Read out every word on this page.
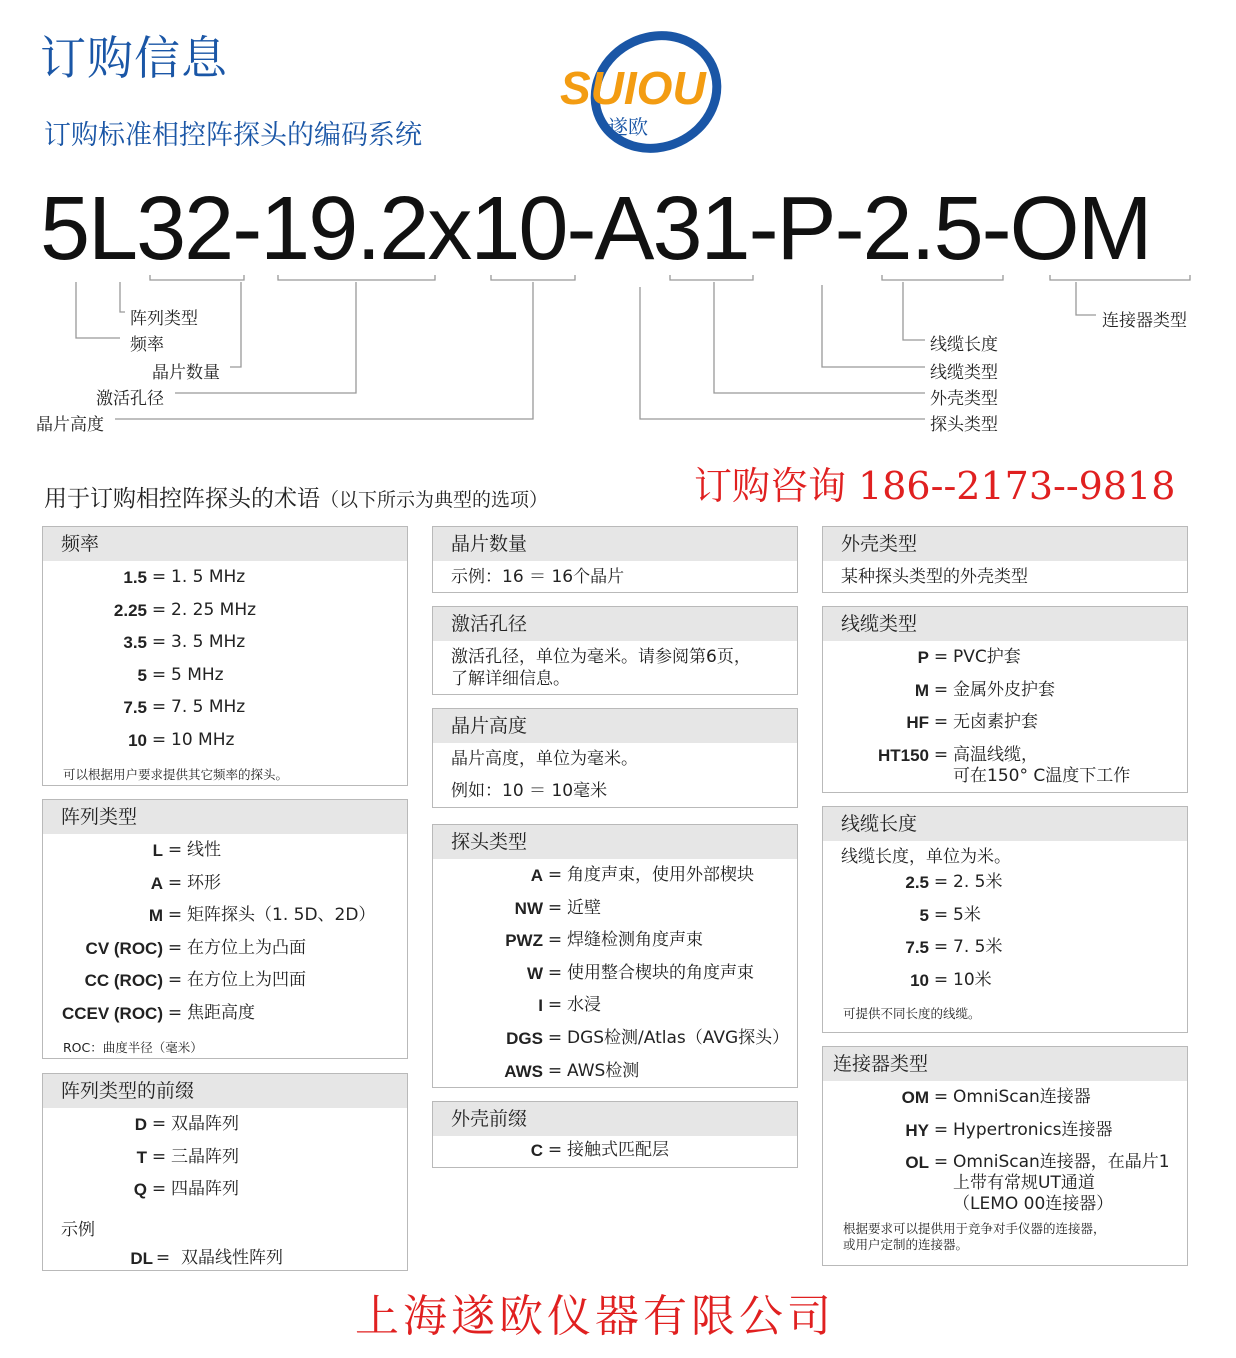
订购信息
订购标准相控阵探头的编码系统
SUIOU
遂欧
5L32-19.2x10-A31-P-2.5-OM
阵列类型
频率
晶片数量
激活孔径
晶片高度
连接器类型
线缆长度
线缆类型
外壳类型
探头类型
用于订购相控阵探头的术语（以下所示为典型的选项）	订购咨询 186--2173--9818
频率
1.5 = 1. 5 MHz
2.25 = 2. 25 MHz
3.5 = 3. 5 MHz
5 = 5 MHz
7.5 = 7. 5 MHz
10 = 10 MHz
可以根据用户要求提供其它频率的探头。
阵列类型
L = 线性
A = 环形
M = 矩阵探头（1. 5D、2D）
CV (ROC) = 在方位上为凸面
CC (ROC) = 在方位上为凹面
CCEV (ROC) = 焦距高度
ROC：曲度半径（毫米）
阵列类型的前缀
D = 双晶阵列
T = 三晶阵列
Q = 四晶阵列
示例
DL = 双晶线性阵列
晶片数量
示例：16 ＝ 16个晶片
激活孔径
激活孔径，单位为毫米。请参阅第6页，
了解详细信息。
晶片高度
晶片高度，单位为毫米。
例如：10 ＝ 10毫米
探头类型
A = 角度声束，使用外部楔块
NW = 近壁
PWZ = 焊缝检测角度声束
W = 使用整合楔块的角度声束
I = 水浸
DGS = DGS检测/Atlas（AVG探头）
AWS = AWS检测
外壳前缀
C = 接触式匹配层
外壳类型
某种探头类型的外壳类型
线缆类型
P = PVC护套
M = 金属外皮护套
HF = 无卤素护套
HT150 = 高温线缆，
可在150° C温度下工作
线缆长度
线缆长度，单位为米。
2.5 = 2. 5米
5 = 5米
7.5 = 7. 5米
10 = 10米
可提供不同长度的线缆。
连接器类型
OM = OmniScan连接器
HY = Hypertronics连接器
OL = OmniScan连接器，在晶片1
上带有常规UT通道
（LEMO 00连接器）
根据要求可以提供用于竞争对手仪器的连接器，
或用户定制的连接器。
上海遂欧仪器有限公司
